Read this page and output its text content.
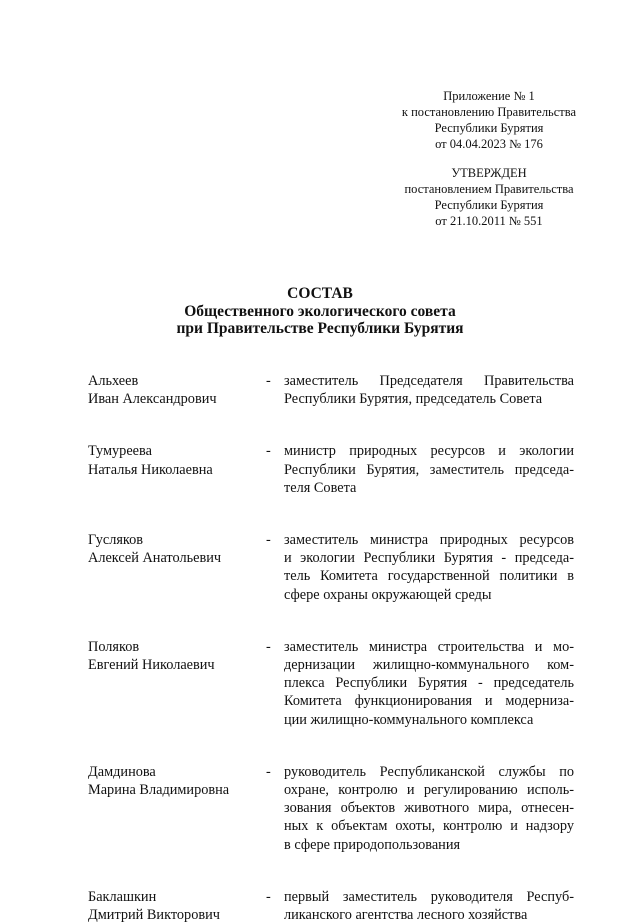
Приложение № 1
к постановлению Правительства
Республики Бурятия
от 04.04.2023 № 176
УТВЕРЖДЕН
постановлением Правительства
Республики Бурятия
от 21.10.2011 № 551
СОСТАВ
Общественного экологического совета
при Правительстве Республики Бурятия
Альхеев
Иван Александрович
- заместитель Председателя Правительства
Республики Бурятия, председатель Совета
Тумуреева
Наталья Николаевна
- министр природных ресурсов и экологии
Республики Бурятия, заместитель председа-
теля Совета
Гусляков
Алексей Анатольевич
- заместитель министра природных ресурсов
и экологии Республики Бурятия - председа-
тель Комитета государственной политики в
сфере охраны окружающей среды
Поляков
Евгений Николаевич
- заместитель министра строительства и мо-
дернизации жилищно-коммунального ком-
плекса Республики Бурятия - председатель
Комитета функционирования и модерниза-
ции жилищно-коммунального комплекса
Дамдинова
Марина Владимировна
- руководитель Республиканской службы по
охране, контролю и регулированию исполь-
зования объектов животного мира, отнесен-
ных к объектам охоты, контролю и надзору
в сфере природопользования
Баклашкин
Дмитрий Викторович
- первый заместитель руководителя Респуб-
ликанского агентства лесного хозяйства
